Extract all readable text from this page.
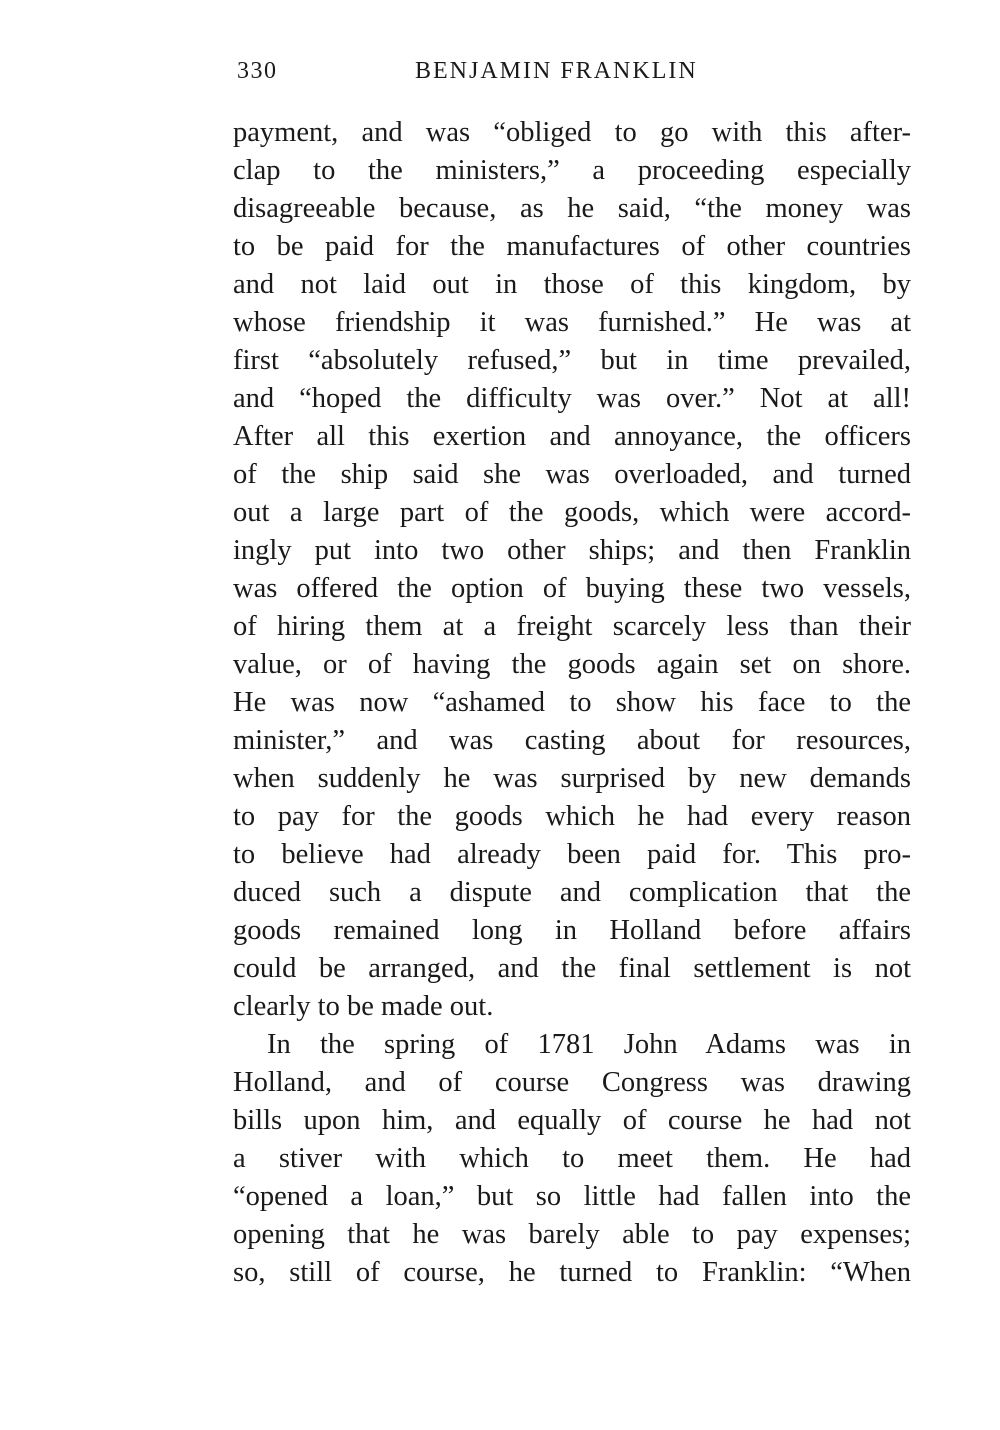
330	BENJAMIN FRANKLIN
payment, and was “obliged to go with this after-
clap to the ministers,” a proceeding especially
disagreeable because, as he said, “the money was
to be paid for the manufactures of other countries
and not laid out in those of this kingdom, by
whose friendship it was furnished.” He was at
first “absolutely refused,” but in time prevailed,
and “hoped the difficulty was over.” Not at all!
After all this exertion and annoyance, the officers
of the ship said she was overloaded, and turned
out a large part of the goods, which were accord-
ingly put into two other ships; and then Franklin
was offered the option of buying these two vessels,
of hiring them at a freight scarcely less than their
value, or of having the goods again set on shore.
He was now “ashamed to show his face to the
minister,” and was casting about for resources,
when suddenly he was surprised by new demands
to pay for the goods which he had every reason
to believe had already been paid for. This pro-
duced such a dispute and complication that the
goods remained long in Holland before affairs
could be arranged, and the final settlement is not
clearly to be made out.
In the spring of 1781 John Adams was in
Holland, and of course Congress was drawing
bills upon him, and equally of course he had not
a stiver with which to meet them. He had
“opened a loan,” but so little had fallen into the
opening that he was barely able to pay expenses;
so, still of course, he turned to Franklin: “When
